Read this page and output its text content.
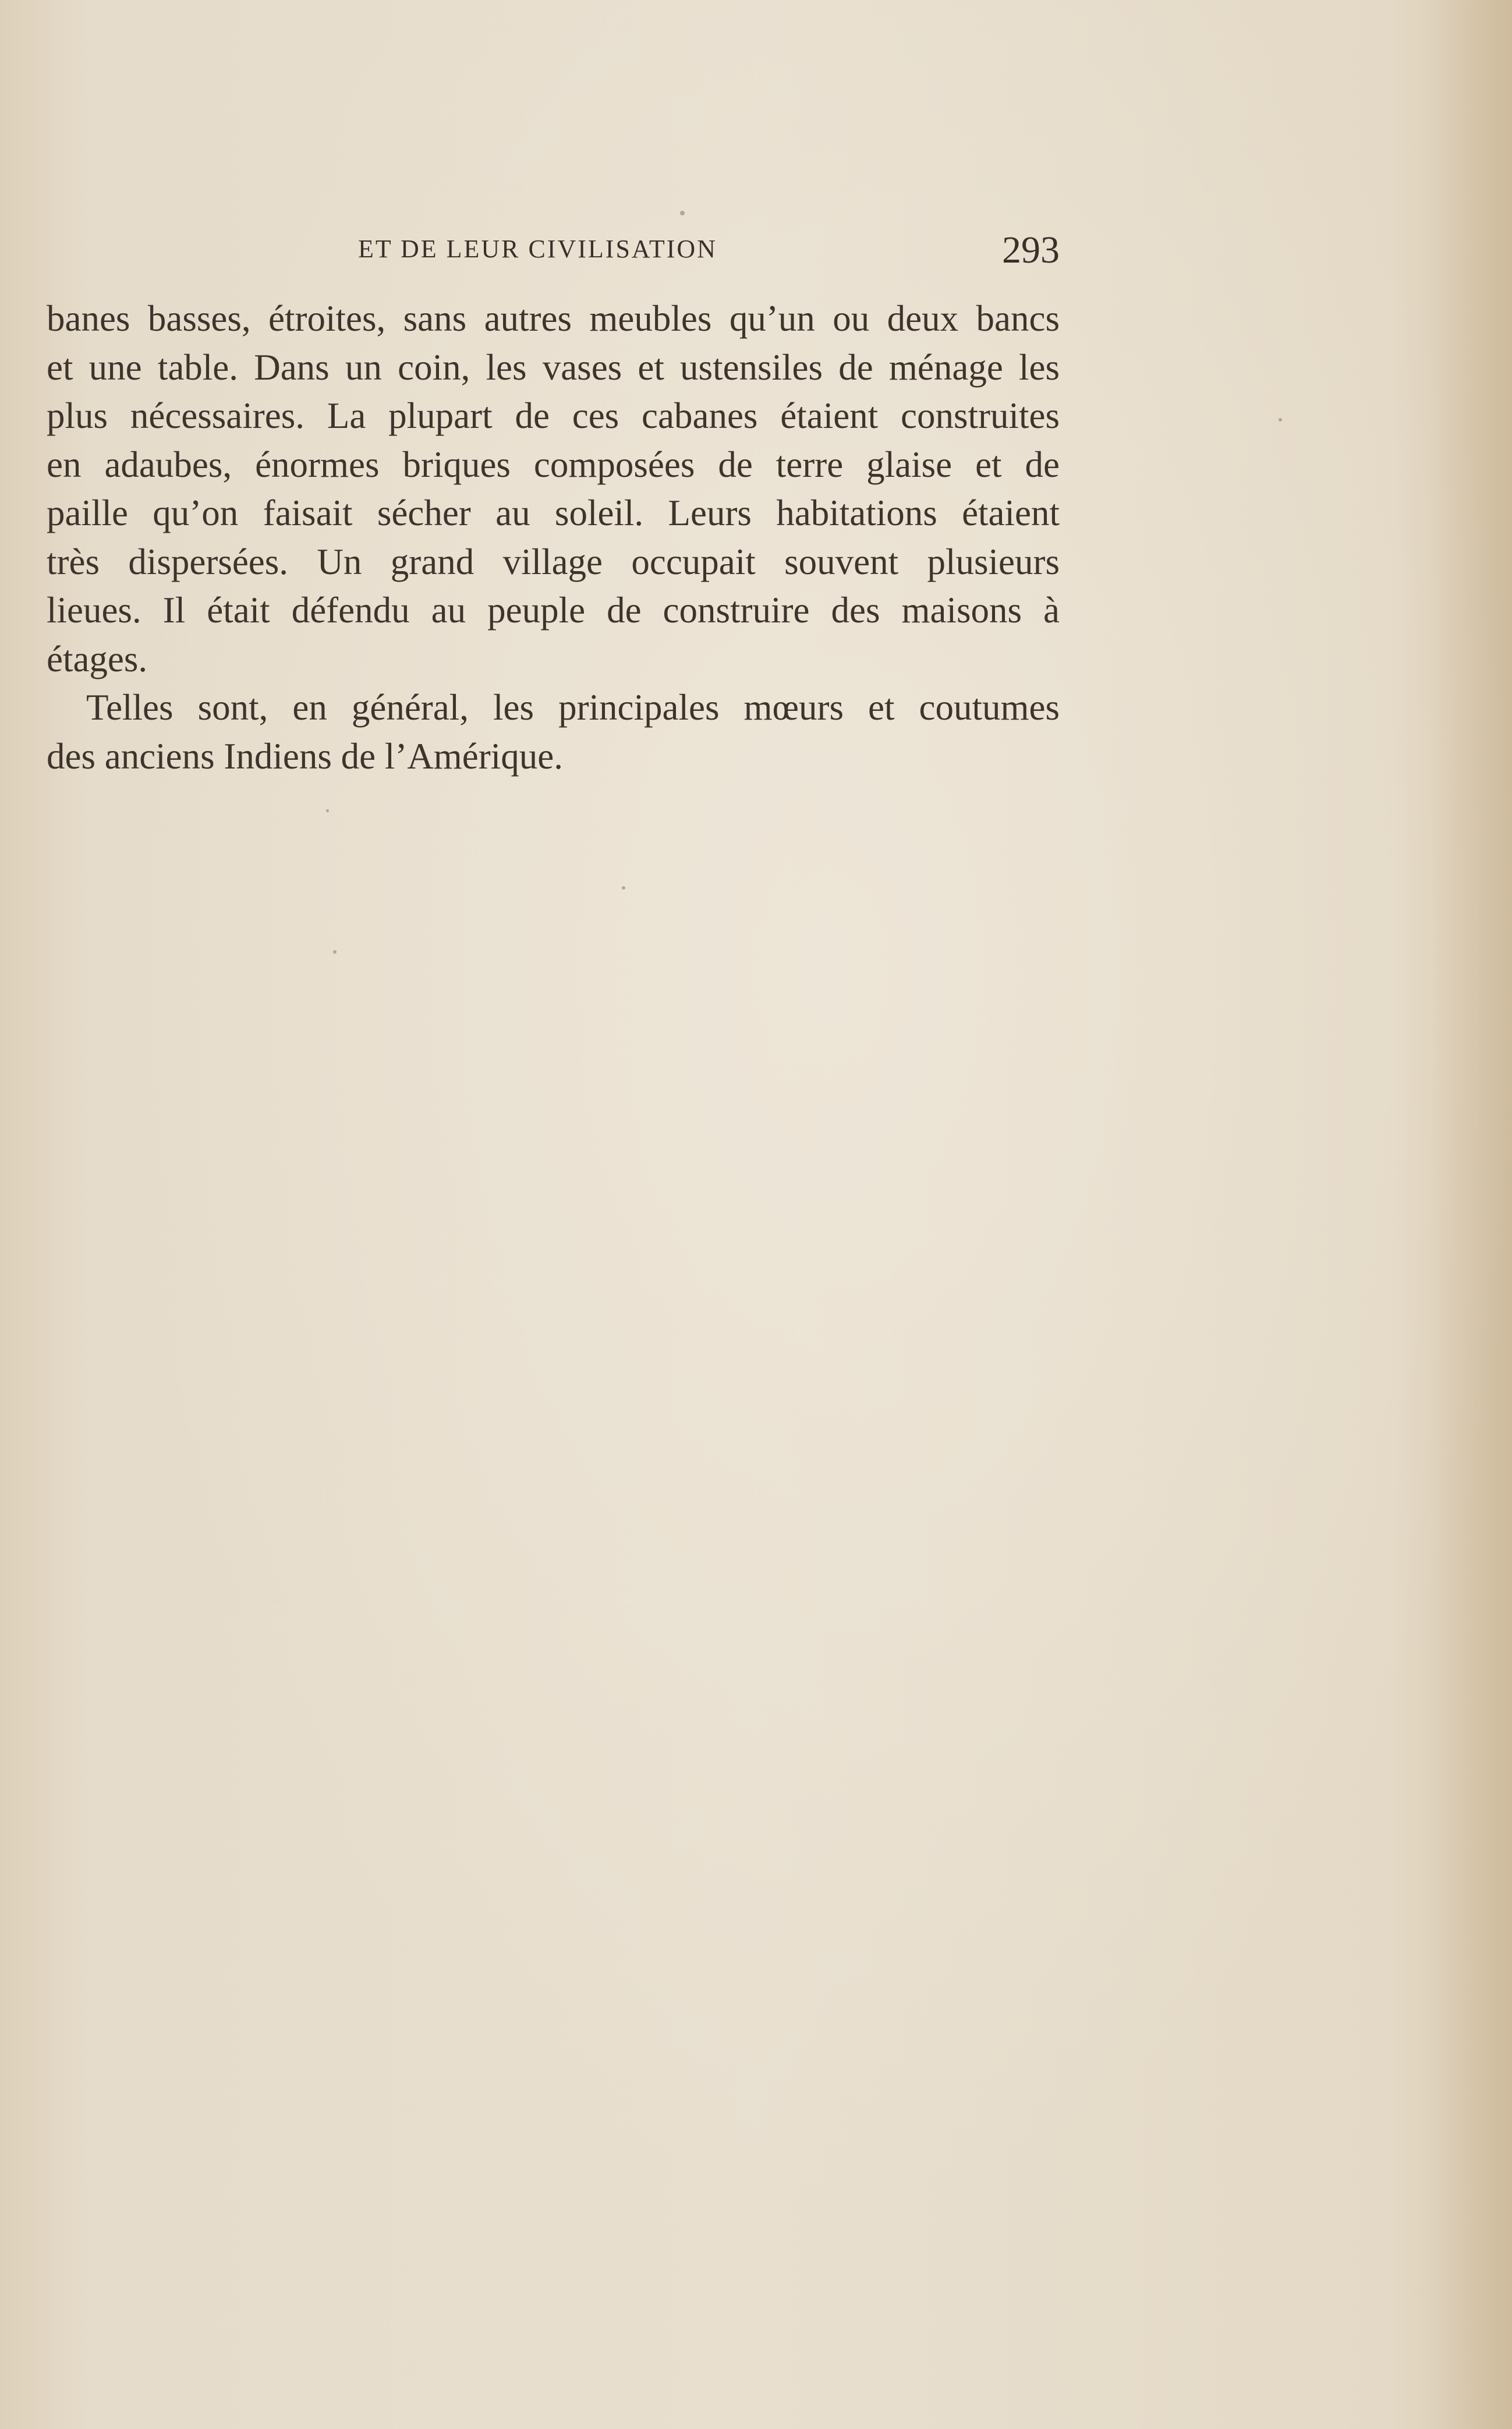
ET DE LEUR CIVILISATION	293
banes basses, étroites, sans autres meubles qu’un ou deux bancs
et une table. Dans un coin, les vases et ustensiles de ménage les
plus nécessaires. La plupart de ces cabanes étaient construites
en adaubes, énormes briques composées de terre glaise et de
paille qu’on faisait sécher au soleil. Leurs habitations étaient
très dispersées. Un grand village occupait souvent plusieurs
lieues. Il était défendu au peuple de construire des maisons à
étages.
Telles sont, en général, les principales mœurs et coutumes
des anciens Indiens de l’Amérique.
